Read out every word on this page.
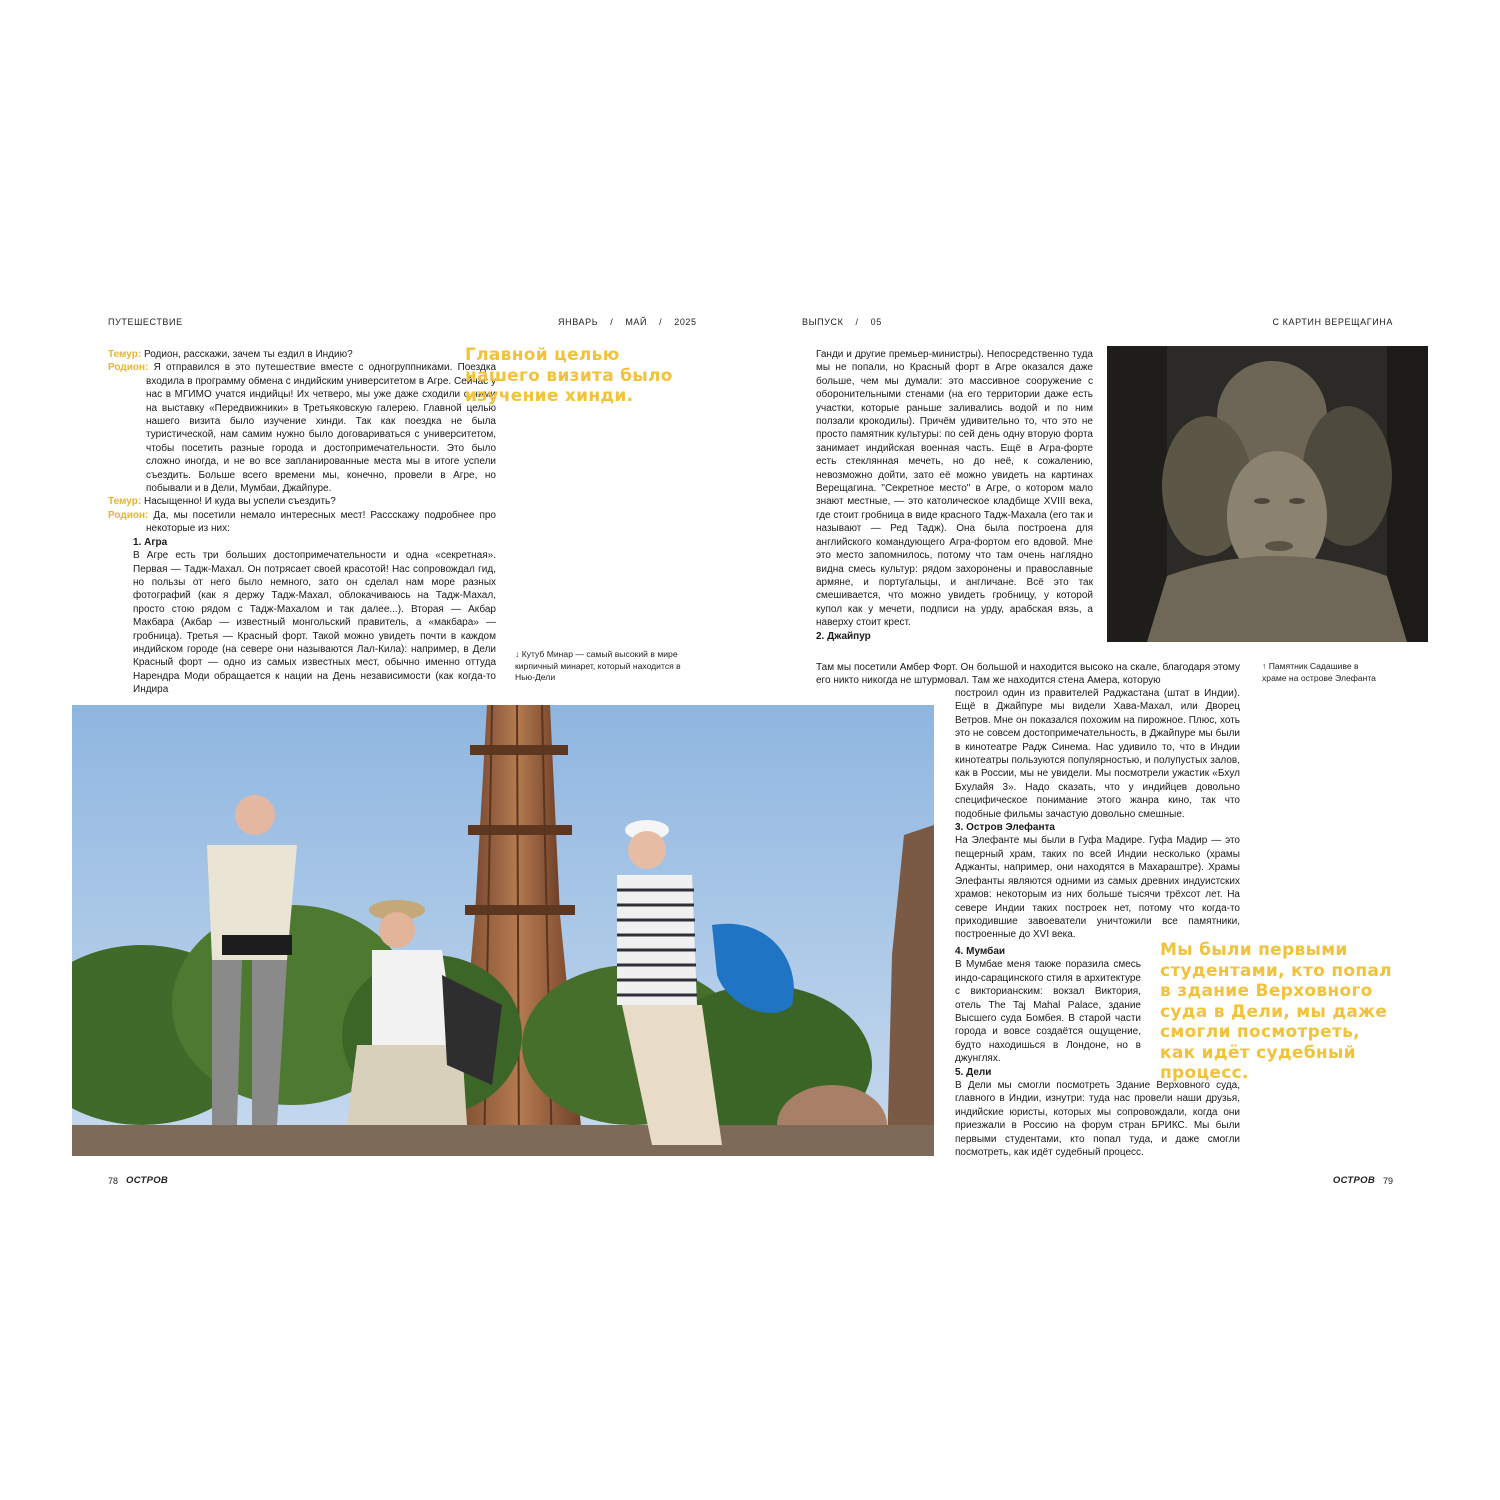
ПУТЕШЕСТВИЕ	ЯНВАРЬ / МАЙ / 2025	ВЫПУСК / 05	С КАРТИН ВЕРЕЩАГИНА

Темур: Родион, расскажи, зачем ты ездил в Индию?

Родион: Я отправился в это путешествие вместе с одногруппниками. Поездка входила в программу обмена с индийским университетом в Агре. Сейчас у нас в МГИМО учатся индийцы! Их четверо, мы уже даже сходили с ними на выставку «Передвижники» в Третьяковскую галерею. Главной целью нашего визита было изучение хинди. Так как поездка не была туристической, нам самим нужно было договариваться с университетом, чтобы посетить разные города и достопримечательности. Это было сложно иногда, и не во все запланированные места мы в итоге успели съездить. Больше всего времени мы, конечно, провели в Агре, но побывали и в Дели, Мумбаи, Джайпуре.

Темур: Насыщенно! И куда вы успели съездить?

Родион: Да, мы посетили немало интересных мест! Рассскажу подробнее про некоторые из них:

1. Агра

В Агре есть три больших достопримечательности и одна «секретная». Первая — Тадж-Махал. Он потрясает своей красотой! Нас сопровождал гид, но пользы от него было немного, зато он сделал нам море разных фотографий (как я держу Тадж-Махал, облокачиваюсь на Тадж-Махал, просто стою рядом с Тадж-Махалом и так далее...). Вторая — Акбар Макбара (Акбар — известный монгольский правитель, а «макбара» — гробница). Третья — Красный форт. Такой можно увидеть почти в каждом индийском городе (на севере они называются Лал-Кила): например, в Дели Красный форт — одно из самых известных мест, обычно именно оттуда Нарендра Моди обращается к нации на День независимости (как когда-то Индира

Главной целью нашего визита было изучение хинди.
↓ Кутуб Минар — самый высокий в мире кирпичный минарет, который находится в Нью-Дели

Ганди и другие премьер-министры). Непосредственно туда мы не попали, но Красный форт в Агре оказался даже больше, чем мы думали: это массивное сооружение с оборонительными стенами (на его территории даже есть участки, которые раньше заливались водой и по ним ползали крокодилы). Причём удивительно то, что это не просто памятник культуры: по сей день одну вторую форта занимает индийская военная часть. Ещё в Агра-форте есть стеклянная мечеть, но до неё, к сожалению, невозможно дойти, зато её можно увидеть на картинах Верещагина. "Секретное место" в Агре, о котором мало знают местные, — это католическое кладбище XVIII века, где стоит гробница в виде красного Тадж-Махала (его так и называют — Ред Тадж). Она была построена для английского командующего Агра-фортом его вдовой. Мне это место запомнилось, потому что там очень наглядно видна смесь культур: рядом захоронены и православные армяне, и португальцы, и англичане. Всё это так смешивается, что можно увидеть гробницу, у которой купол как у мечети, подписи на урду, арабская вязь, а наверху стоит крест.

2. Джайпур

Там мы посетили Амбер Форт. Он большой и находится высоко на скале, благодаря этому его никто никогда не штурмовал. Там же находится стена Амера, которую

↑ Памятник Садашиве в храме на острове Элефанта

построил один из правителей Раджастана (штат в Индии). Ещё в Джайпуре мы видели Хава-Махал, или Дворец Ветров. Мне он показался похожим на пирожное. Плюс, хоть это не совсем достопримечательность, в Джайпуре мы были в кинотеатре Радж Синема. Нас удивило то, что в Индии кинотеатры пользуются популярностью, и полупустых залов, как в России, мы не увидели. Мы посмотрели ужастик «Бхул Бхулайя 3». Надо сказать, что у индийцев довольно специфическое понимание этого жанра кино, так что подобные фильмы зачастую довольно смешные.

3. Остров Элефанта

На Элефанте мы были в Гуфа Мадире. Гуфа Мадир — это пещерный храм, таких по всей Индии несколько (храмы Аджанты, например, они находятся в Махараштре). Храмы Элефанты являются одними из самых древних индуистских храмов: некоторым из них больше тысячи трёхсот лет. На севере Индии таких построек нет, потому что когда-то приходившие завоеватели уничтожили все памятники, построенные до XVI века.

4. Мумбаи

В Мумбаe меня также поразила смесь индо-сарацинского стиля в архитектуре с викторианским: вокзал Виктория, отель The Taj Mahal Palace, здание Высшего суда Бомбея. В старой части города и вовсе создаётся ощущение, будто находишься в Лондоне, но в джунглях.

5. Дели

В Дели мы смогли посмотреть Здание Верховного суда, главного в Индии, изнутри: туда нас провели наши друзья, индийские юристы, которых мы сопровождали, когда они приезжали в Россию на форум стран БРИКС. Мы были первыми студентами, кто попал туда, и даже смогли посмотреть, как идёт судебный процесс.

Мы были первыми студентами, кто попал в здание Верховного суда в Дели, мы даже смогли посмотреть, как идёт судебный процесс.
78 ОСТРОВ	ОСТРОВ 79
